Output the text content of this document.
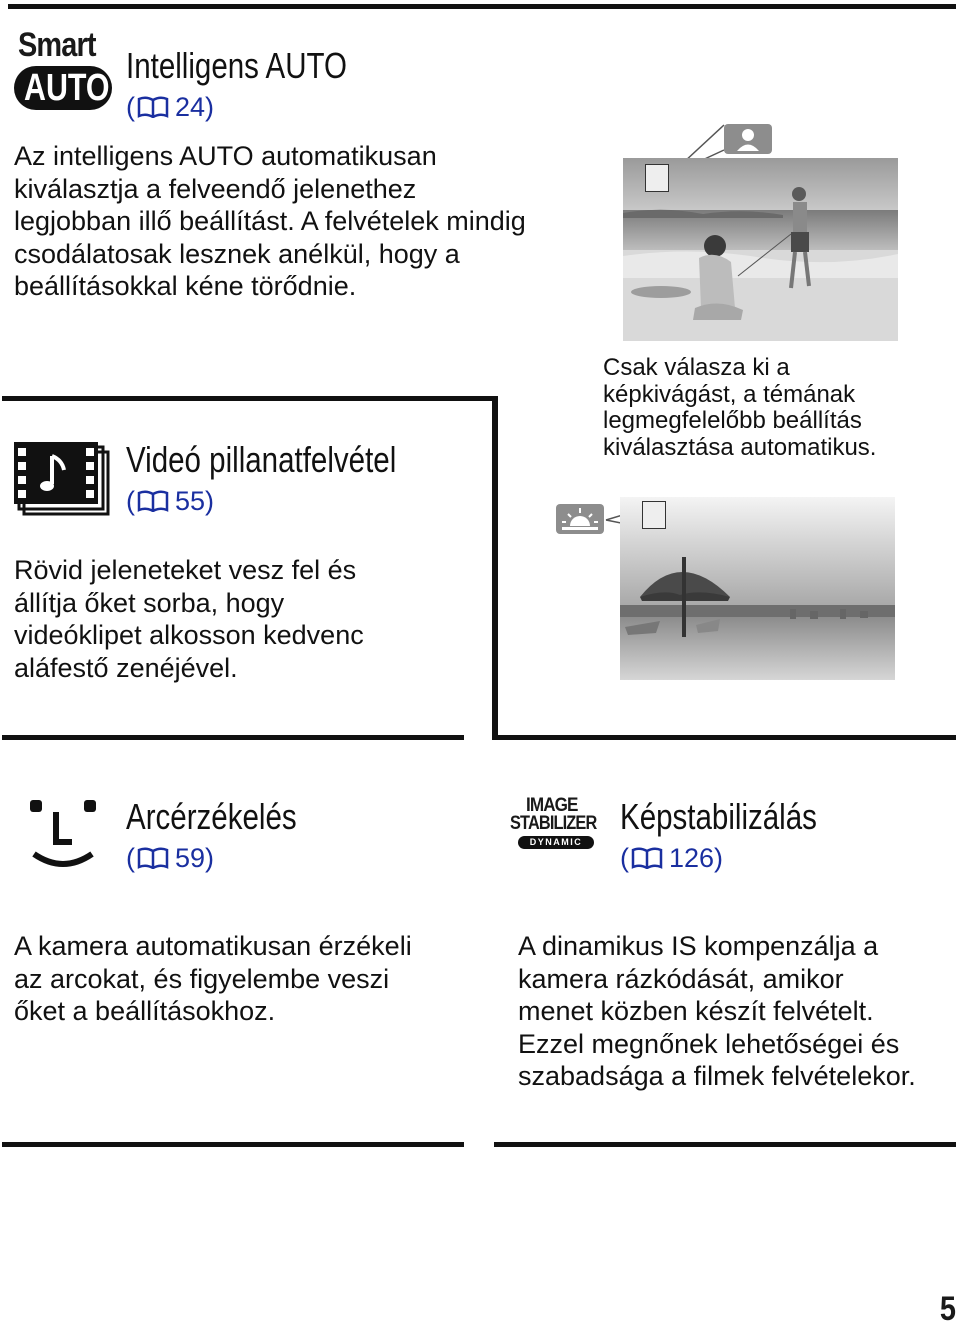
Smart
AUTO
Intelligens AUTO
( 24)
Az intelligens AUTO automatikusan
kiválasztja a felveendő jelenethez
legjobban illő beállítást. A felvételek mindig
csodálatosak lesznek anélkül, hogy a
beállításokkal kéne törődnie.
Csak válasza ki a
képkivágást, a témának
legmegfelelőbb beállítás
kiválasztása automatikus.
Videó pillanatfelvétel
( 55)
Rövid jeleneteket vesz fel és
állítja őket sorba, hogy
videóklipet alkosson kedvenc
aláfestő zenéjével.
Arcérzékelés
( 59)
A kamera automatikusan érzékeli
az arcokat, és figyelembe veszi
őket a beállításokhoz.
IMAGE
STABILIZER
DYNAMIC
Képstabilizálás
( 126)
A dinamikus IS kompenzálja a
kamera rázkódását, amikor
menet közben készít felvételt.
Ezzel megnőnek lehetőségei és
szabadsága a filmek felvételekor.
5
